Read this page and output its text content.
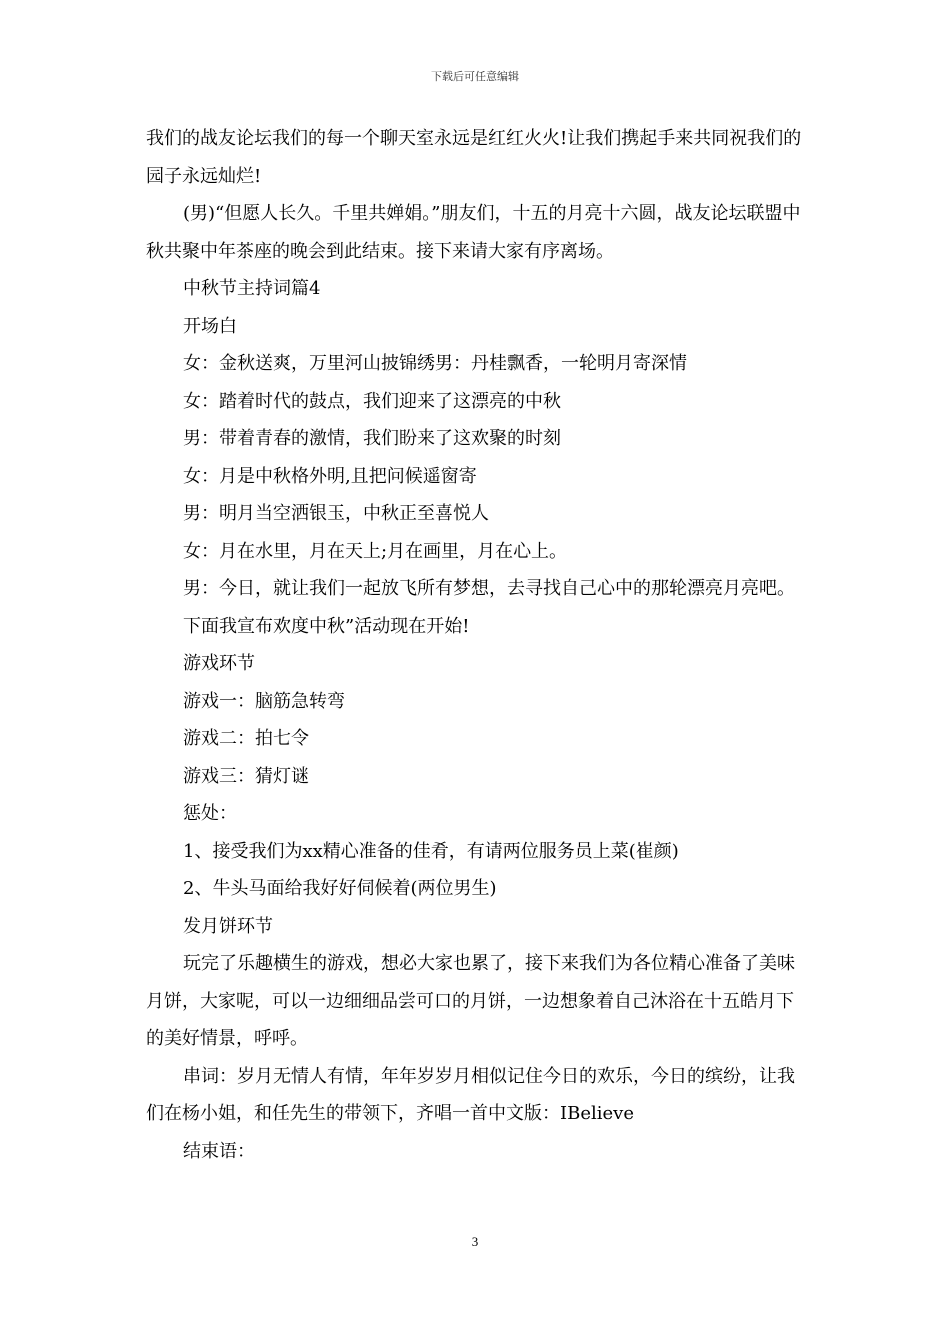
下载后可任意编辑

我们的战友论坛我们的每一个聊天室永远是红红火火!让我们携起手来共同祝我们的园子永远灿烂!

(男)“但愿人长久。千里共婵娟。”朋友们，十五的月亮十六圆，战友论坛联盟中秋共聚中年茶座的晚会到此结束。接下来请大家有序离场。

中秋节主持词篇4

开场白

女：金秋送爽，万里河山披锦绣男：丹桂飘香，一轮明月寄深情

女：踏着时代的鼓点，我们迎来了这漂亮的中秋

男：带着青春的激情，我们盼来了这欢聚的时刻

女：月是中秋格外明,且把问候遥窗寄

男：明月当空洒银玉，中秋正至喜悦人

女：月在水里，月在天上;月在画里，月在心上。

男：今日，就让我们一起放飞所有梦想，去寻找自己心中的那轮漂亮月亮吧。

下面我宣布欢度中秋”活动现在开始!

游戏环节

游戏一：脑筋急转弯

游戏二：拍七令

游戏三：猜灯谜

惩处：

1、接受我们为xx精心准备的佳肴，有请两位服务员上菜(崔颜)

2、牛头马面给我好好伺候着(两位男生)

发月饼环节

玩完了乐趣横生的游戏，想必大家也累了，接下来我们为各位精心准备了美味月饼，大家呢，可以一边细细品尝可口的月饼，一边想象着自己沐浴在十五皓月下的美好情景，呼呼。

串词：岁月无情人有情，年年岁岁月相似记住今日的欢乐，今日的缤纷，让我们在杨小姐，和任先生的带领下，齐唱一首中文版：IBelieve

结束语：

3
